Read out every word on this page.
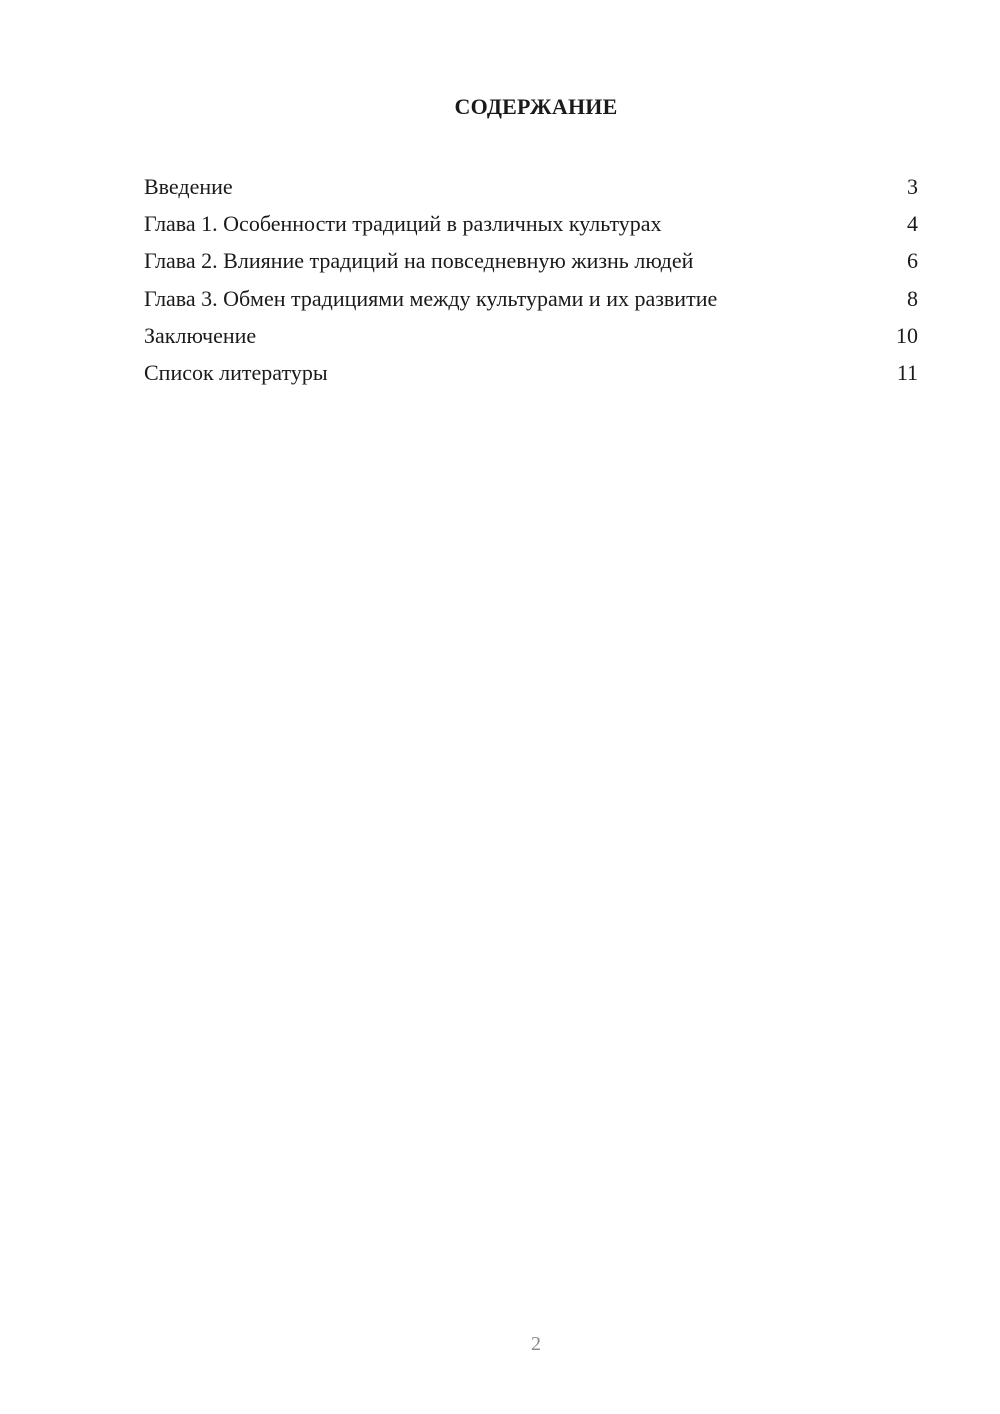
СОДЕРЖАНИЕ
Введение	3
Глава 1. Особенности традиций в различных культурах	4
Глава 2. Влияние традиций на повседневную жизнь людей	6
Глава 3. Обмен традициями между культурами и их развитие	8
Заключение	10
Список литературы	11
2
